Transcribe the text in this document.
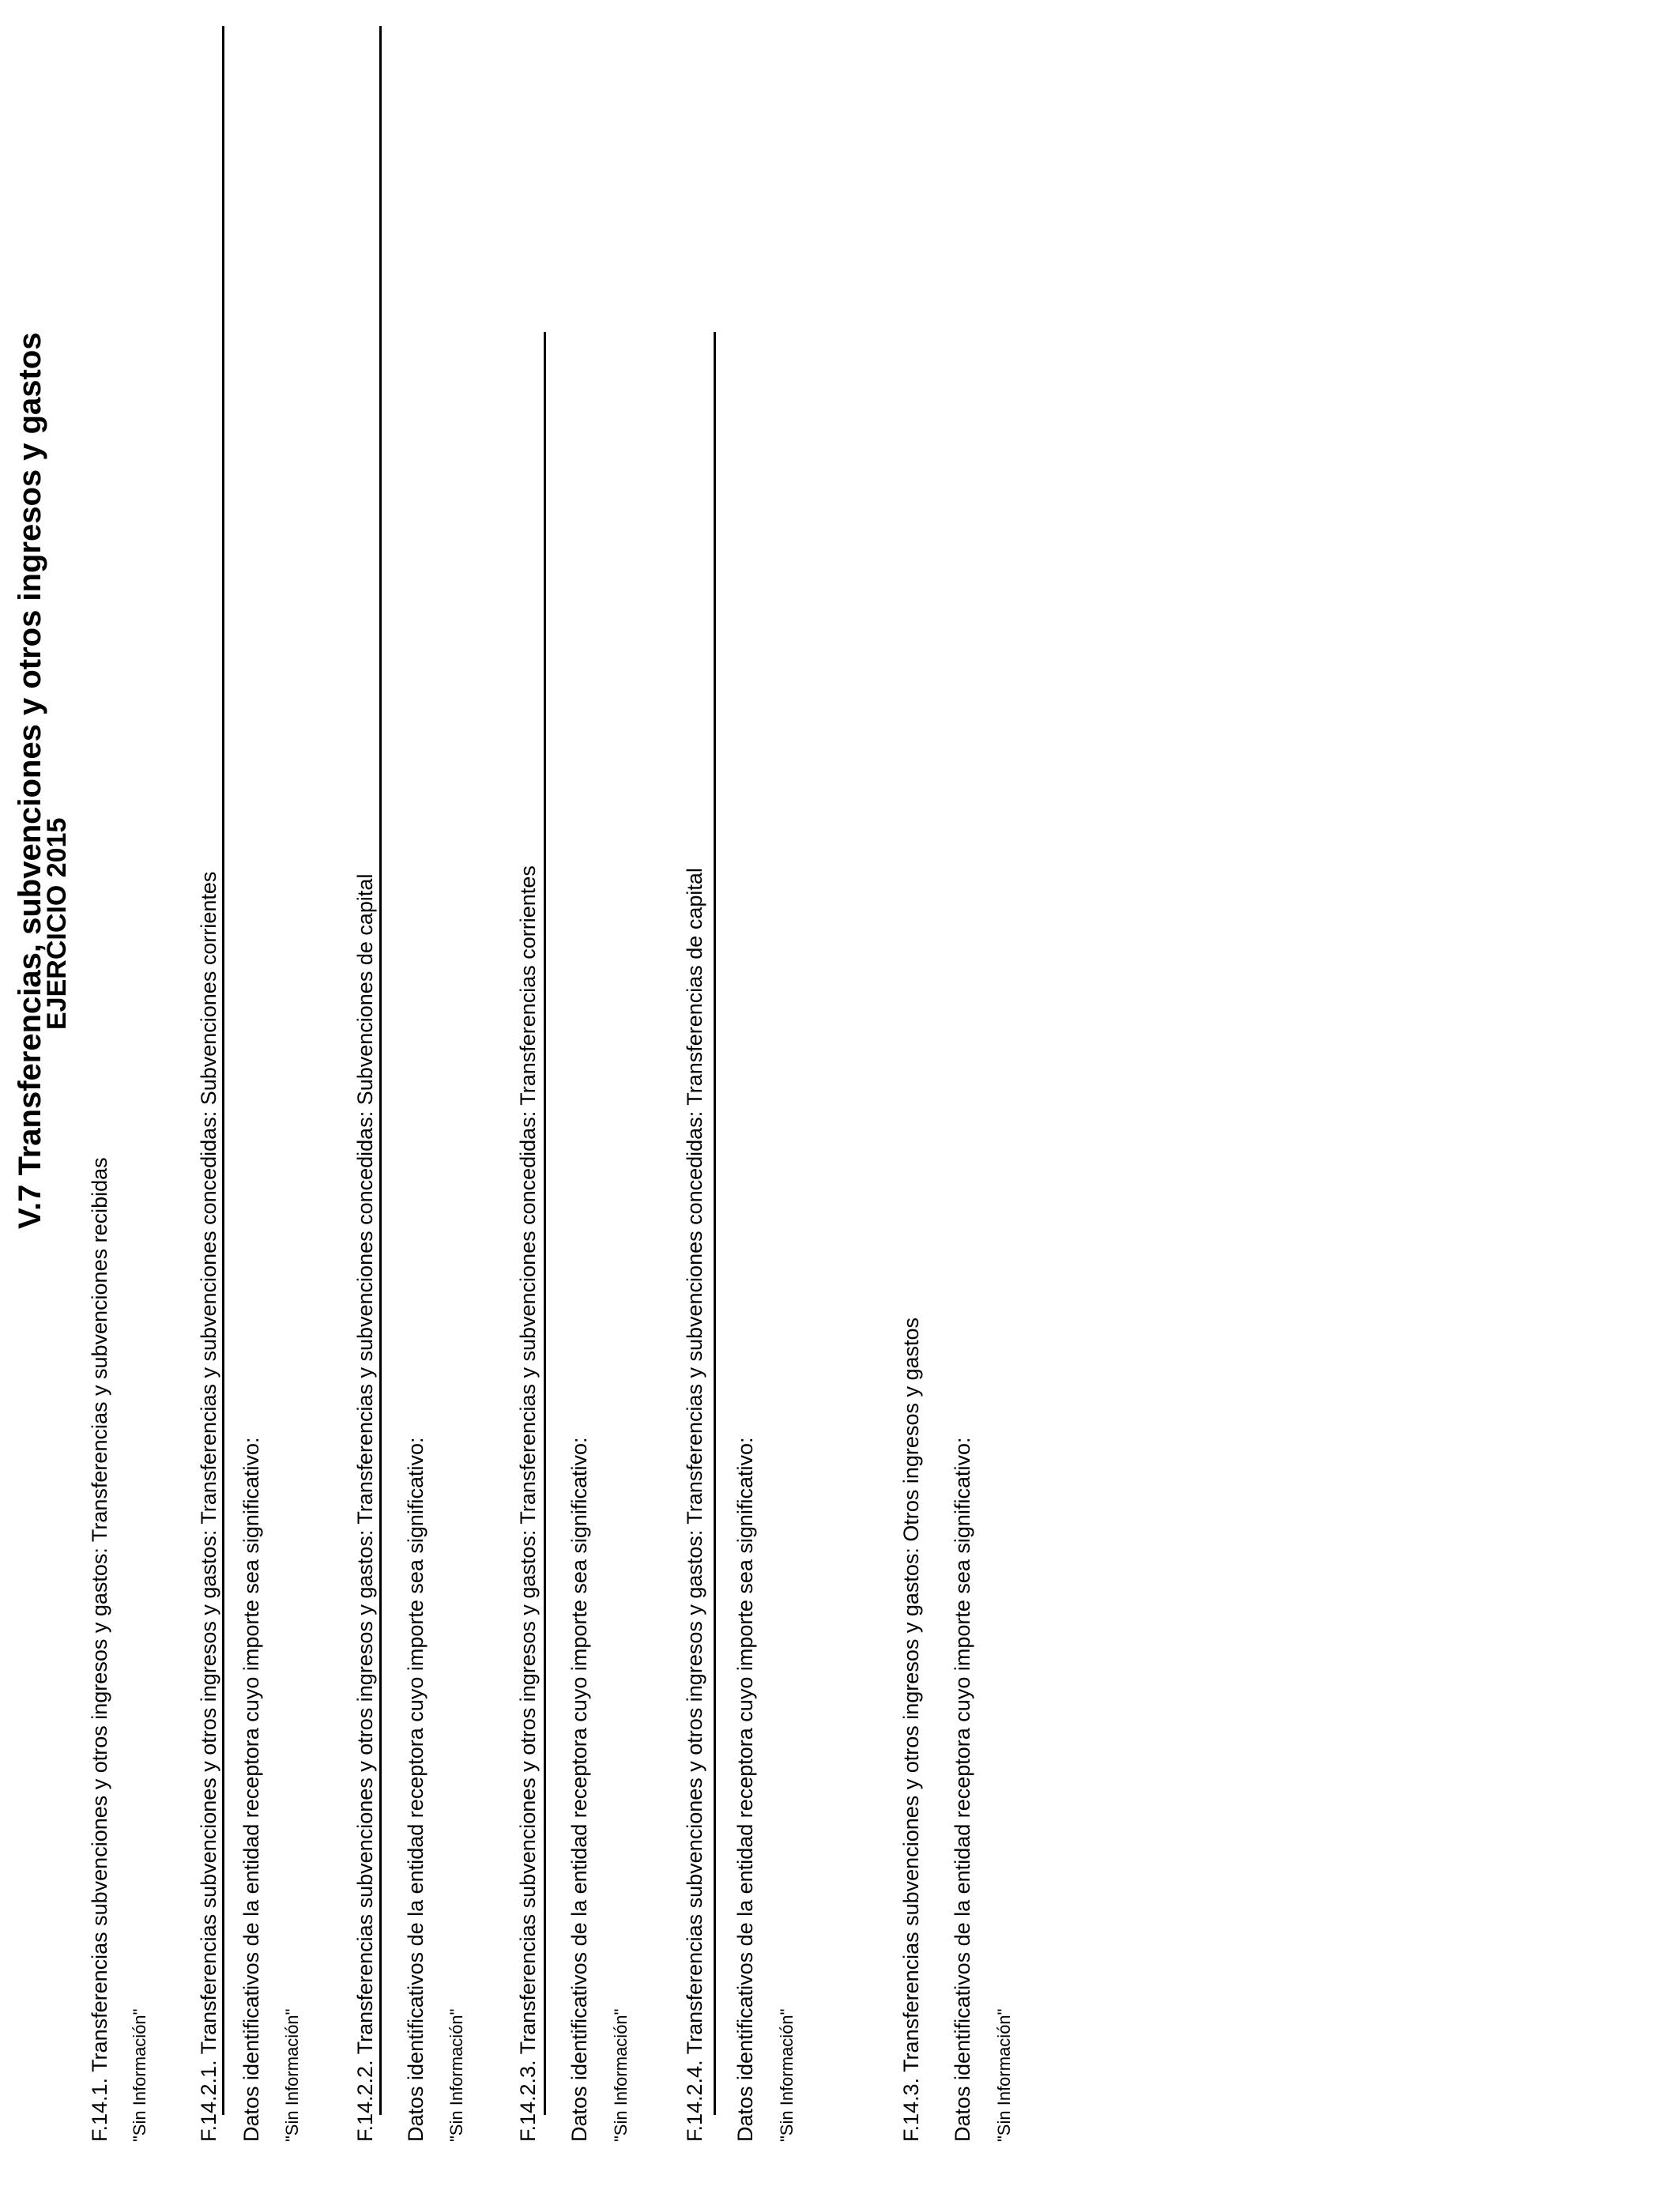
V.7 Transferencias, subvenciones y otros ingresos y gastos
EJERCICIO 2015
F.14.1. Transferencias subvenciones y otros ingresos y gastos: Transferencias y subvenciones recibidas "Sin Información" F.14.2.1. Transferencias subvenciones y otros ingresos y gastos: Transferencias y subvenciones concedidas: Subvenciones corrientes Datos identificativos de la entidad receptora cuyo importe sea significativo: "Sin Información" F.14.2.2. Transferencias subvenciones y otros ingresos y gastos: Transferencias y subvenciones concedidas: Subvenciones de capital Datos identificativos de la entidad receptora cuyo importe sea significativo: "Sin Información" F.14.2.3. Transferencias subvenciones y otros ingresos y gastos: Transferencias y subvenciones concedidas: Transferencias corrientes Datos identificativos de la entidad receptora cuyo importe sea significativo: "Sin Información" F.14.2.4. Transferencias subvenciones y otros ingresos y gastos: Transferencias y subvenciones concedidas: Transferencias de capital Datos identificativos de la entidad receptora cuyo importe sea significativo: "Sin Información"	F.14.3. Transferencias subvenciones y otros ingresos y gastos: Otros ingresos y gastos Datos identificativos de la entidad receptora cuyo importe sea significativo: "Sin Información"
